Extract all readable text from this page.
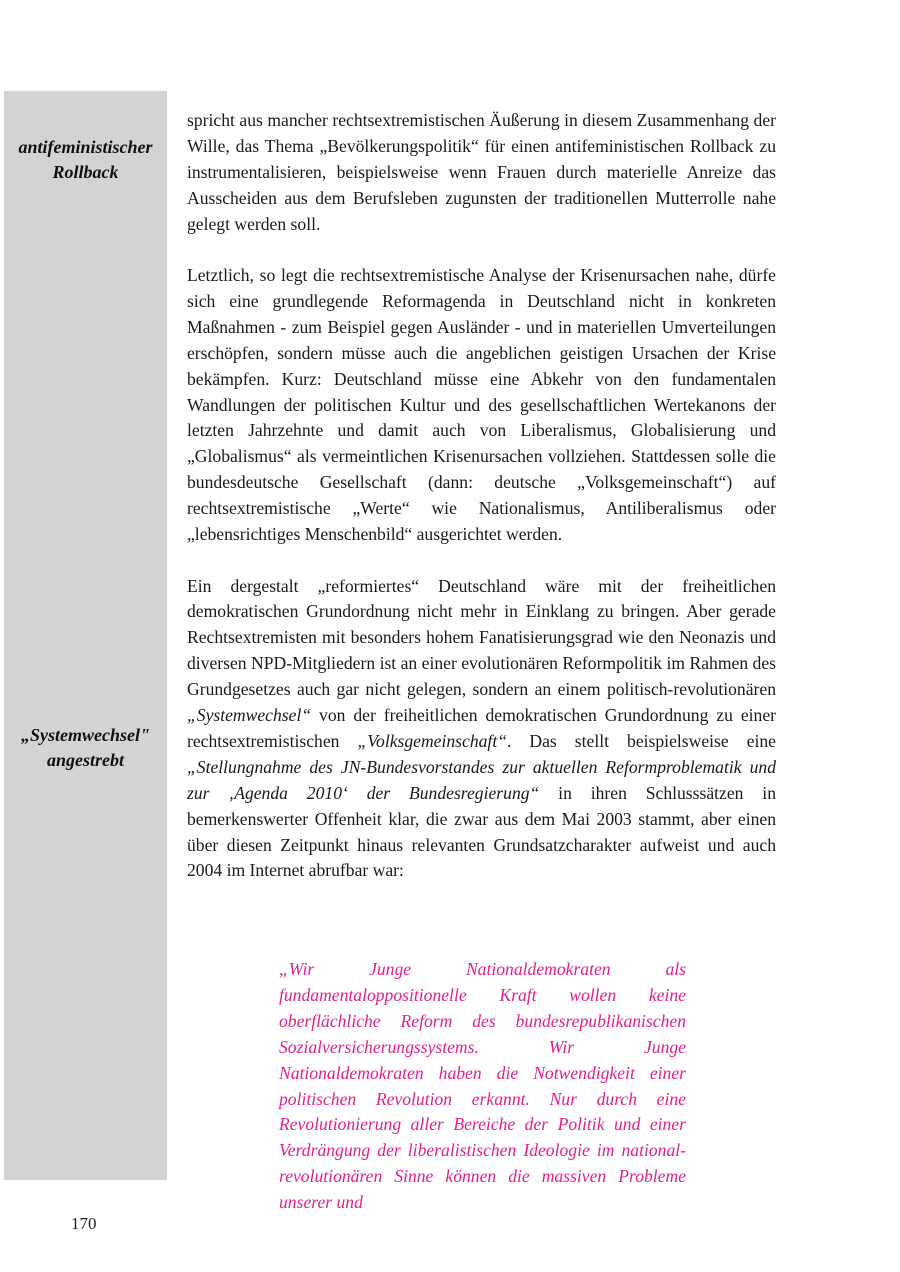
antifeministischer
Rollback
„Systemwechsel"
angestrebt

spricht aus mancher rechtsextremistischen Äußerung in diesem Zusammenhang der Wille, das Thema „Bevölkerungspolitik“ für einen antifeministischen Rollback zu instrumentalisieren, beispielsweise wenn Frauen durch materielle Anreize das Ausscheiden aus dem Berufsleben zugunsten der traditionellen Mutterrolle nahe gelegt werden soll.

Letztlich, so legt die rechtsextremistische Analyse der Krisenursachen nahe, dürfe sich eine grundlegende Reformagenda in Deutschland nicht in konkreten Maßnahmen - zum Beispiel gegen Ausländer - und in materiellen Umverteilungen erschöpfen, sondern müsse auch die angeblichen geistigen Ursachen der Krise bekämpfen. Kurz: Deutschland müsse eine Abkehr von den fundamentalen Wandlungen der politischen Kultur und des gesellschaftlichen Wertekanons der letzten Jahrzehnte und damit auch von Liberalismus, Globalisierung und „Globalismus“ als vermeintlichen Krisenursachen vollziehen. Stattdessen solle die bundesdeutsche Gesellschaft (dann: deutsche „Volksgemeinschaft“) auf rechtsextremistische „Werte“ wie Nationalismus, Antiliberalismus oder „lebensrichtiges Menschenbild“ ausgerichtet werden.

Ein dergestalt „reformiertes“ Deutschland wäre mit der freiheitlichen demokratischen Grundordnung nicht mehr in Einklang zu bringen. Aber gerade Rechtsextremisten mit besonders hohem Fanatisierungsgrad wie den Neonazis und diversen NPD-Mitgliedern ist an einer evolutionären Reformpolitik im Rahmen des Grundgesetzes auch gar nicht gelegen, sondern an einem politisch-revolutionären „Systemwechsel“ von der freiheitlichen demokratischen Grundordnung zu einer rechtsextremistischen „Volksgemeinschaft“. Das stellt beispielsweise eine „Stellungnahme des JN-Bundesvorstandes zur aktuellen Reformproblematik und zur ‚Agenda 2010‘ der Bundesregierung“ in ihren Schlusssätzen in bemerkenswerter Offenheit klar, die zwar aus dem Mai 2003 stammt, aber einen über diesen Zeitpunkt hinaus relevanten Grundsatzcharakter aufweist und auch 2004 im Internet abrufbar war:

„Wir Junge Nationaldemokraten als fundamentaloppositionelle Kraft wollen keine oberflächliche Reform des bundesrepublikanischen Sozialversicherungssystems. Wir Junge Nationaldemokraten haben die Notwendigkeit einer politischen Revolution erkannt. Nur durch eine Revolutionierung aller Bereiche der Politik und einer Verdrängung der liberalistischen Ideologie im national-revolutionären Sinne können die massiven Probleme unserer und
170
